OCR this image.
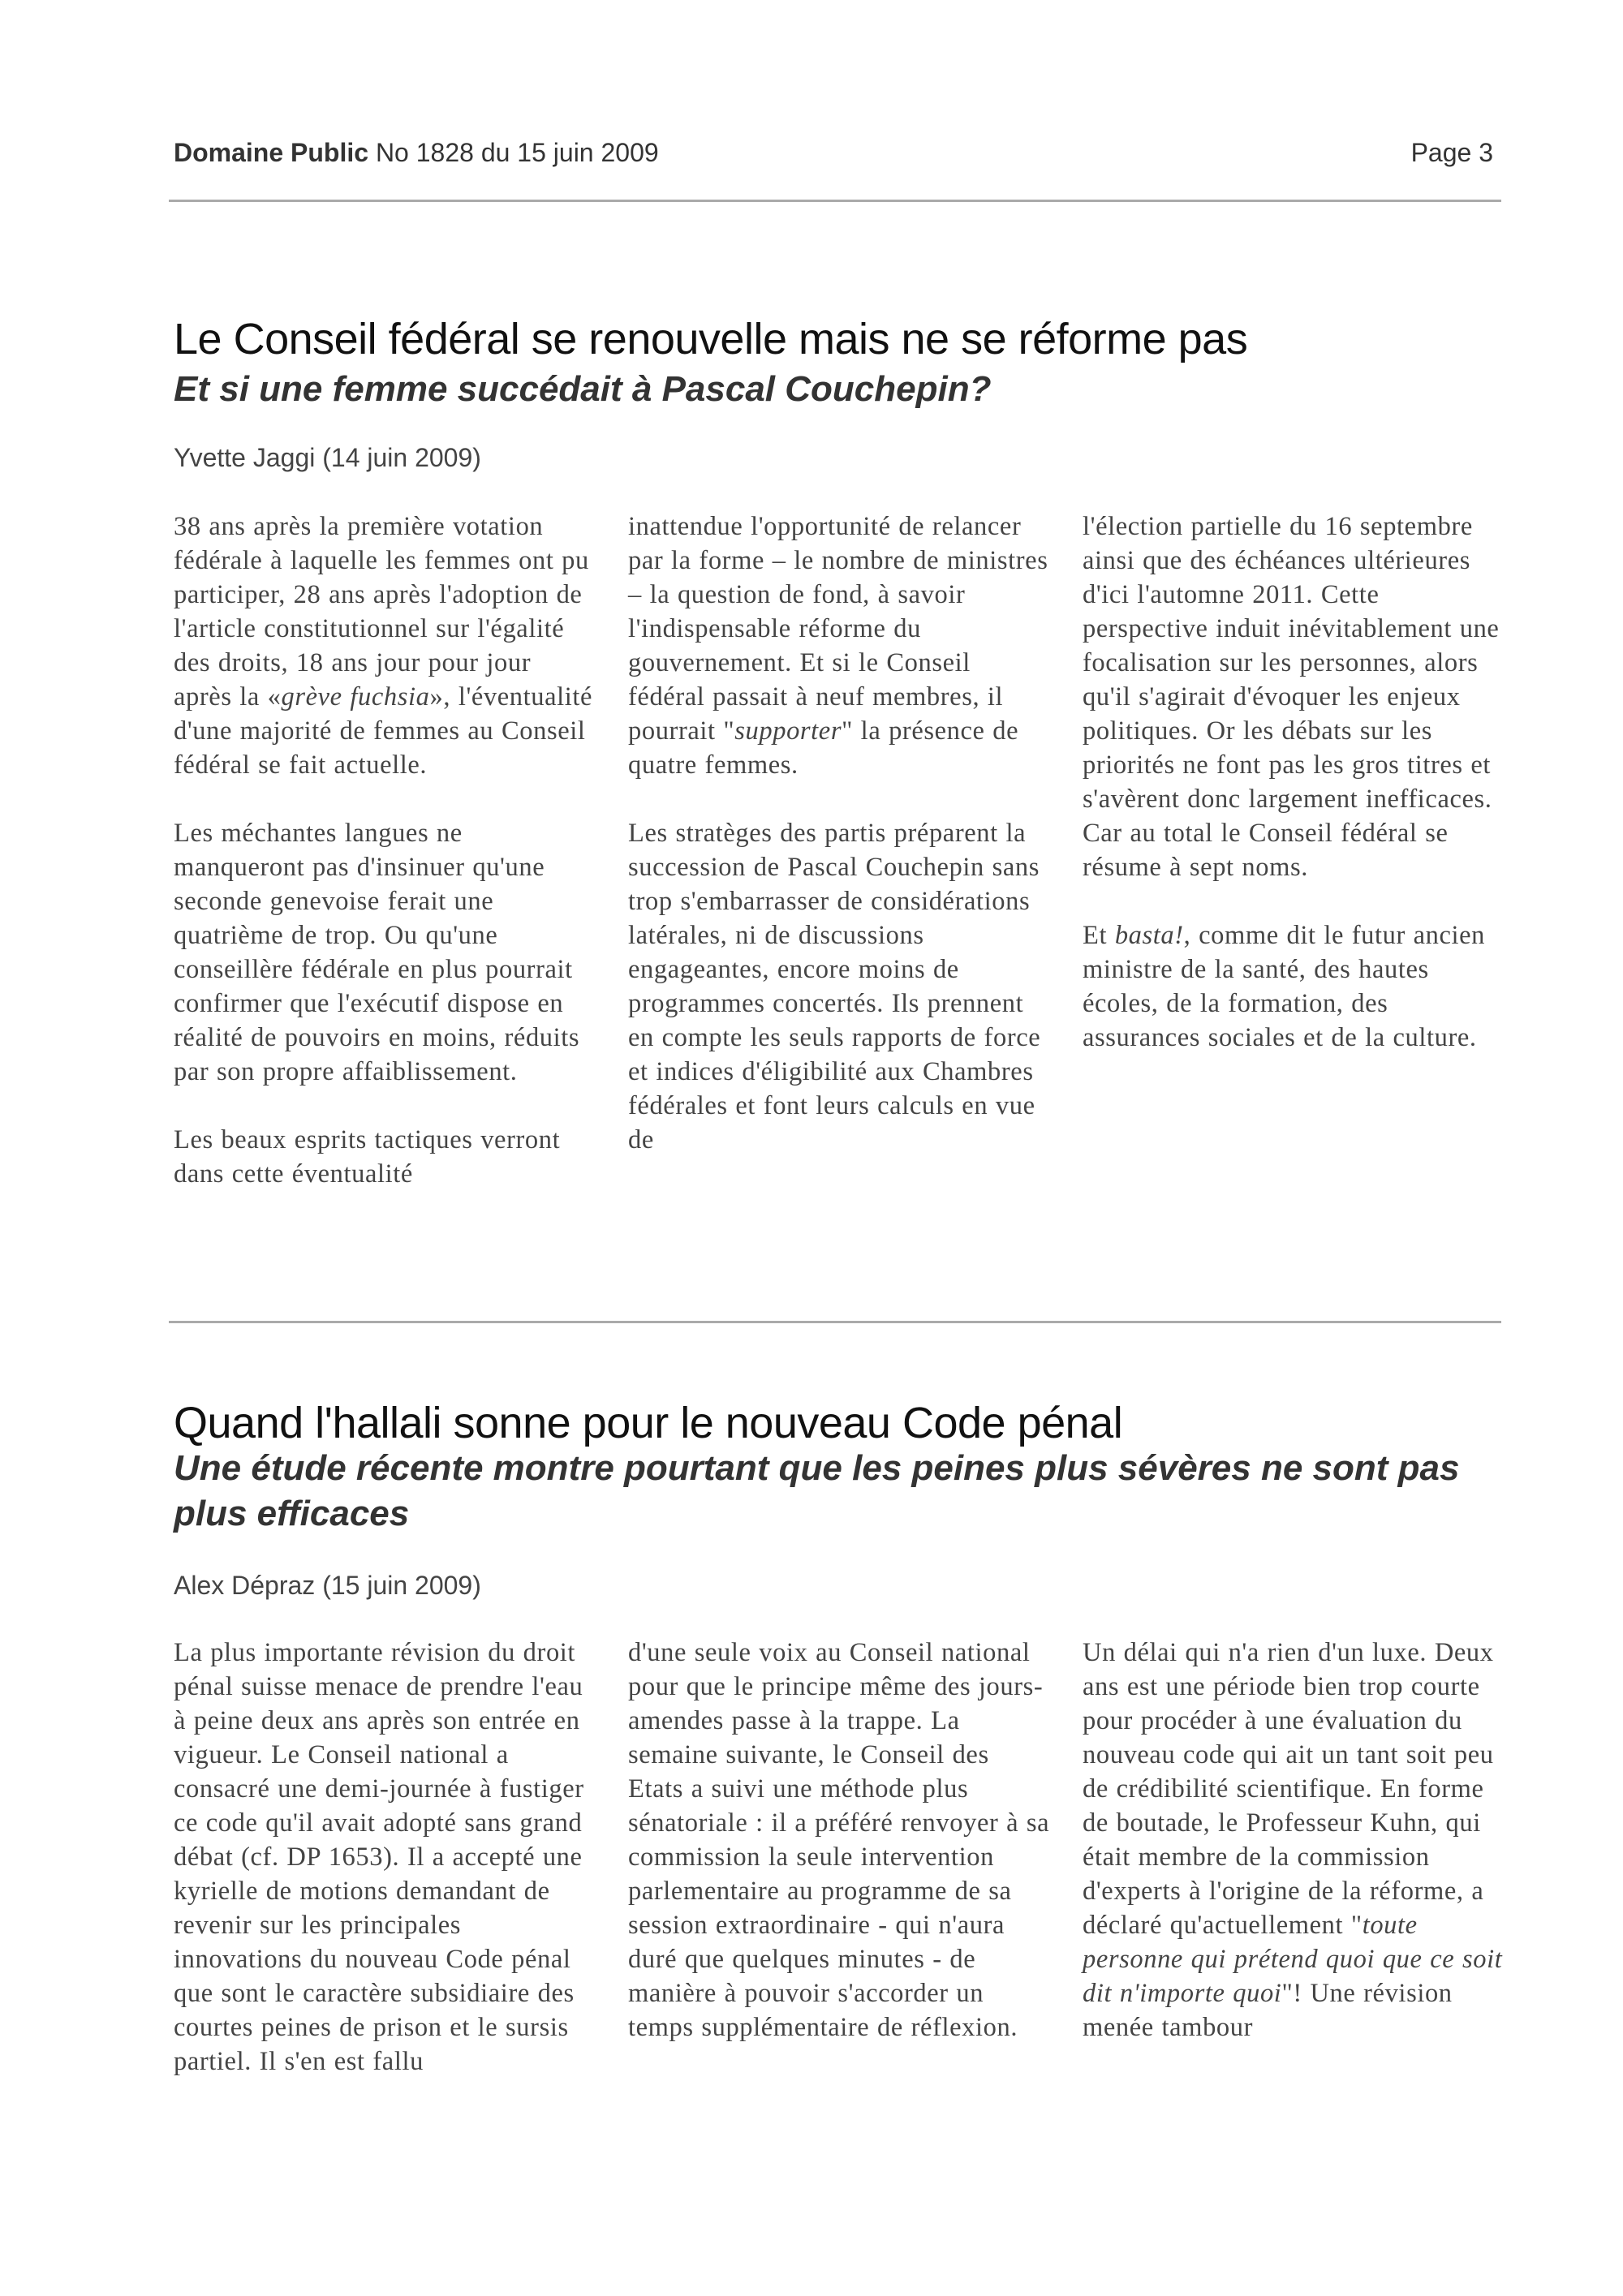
Domaine Public No 1828 du 15 juin 2009	Page 3
Le Conseil fédéral se renouvelle mais ne se réforme pas
Et si une femme succédait à Pascal Couchepin?
Yvette Jaggi (14 juin 2009)

38 ans après la première votation fédérale à laquelle les femmes ont pu participer, 28 ans après l'adoption de l'article constitutionnel sur l'égalité des droits, 18 ans jour pour jour après la «grève fuchsia», l'éventualité d'une majorité de femmes au Conseil fédéral se fait actuelle.

Les méchantes langues ne manqueront pas d'insinuer qu'une seconde genevoise ferait une quatrième de trop. Ou qu'une conseillère fédérale en plus pourrait confirmer que l'exécutif dispose en réalité de pouvoirs en moins, réduits par son propre affaiblissement.

Les beaux esprits tactiques verront dans cette éventualité

inattendue l'opportunité de relancer par la forme – le nombre de ministres – la question de fond, à savoir l'indispensable réforme du gouvernement. Et si le Conseil fédéral passait à neuf membres, il pourrait "supporter" la présence de quatre femmes.

Les stratèges des partis préparent la succession de Pascal Couchepin sans trop s'embarrasser de considérations latérales, ni de discussions engageantes, encore moins de programmes concertés. Ils prennent en compte les seuls rapports de force et indices d'éligibilité aux Chambres fédérales et font leurs calculs en vue de

l'élection partielle du 16 septembre ainsi que des échéances ultérieures d'ici l'automne 2011. Cette perspective induit inévitablement une focalisation sur les personnes, alors qu'il s'agirait d'évoquer les enjeux politiques. Or les débats sur les priorités ne font pas les gros titres et s'avèrent donc largement inefficaces. Car au total le Conseil fédéral se résume à sept noms.

Et basta!, comme dit le futur ancien ministre de la santé, des hautes écoles, de la formation, des assurances sociales et de la culture.

Quand l'hallali sonne pour le nouveau Code pénal
Une étude récente montre pourtant que les peines plus sévères ne sont pas plus efficaces
Alex Dépraz (15 juin 2009)

La plus importante révision du droit pénal suisse menace de prendre l'eau à peine deux ans après son entrée en vigueur. Le Conseil national a consacré une demi-journée à fustiger ce code qu'il avait adopté sans grand débat (cf. DP 1653). Il a accepté une kyrielle de motions demandant de revenir sur les principales innovations du nouveau Code pénal que sont le caractère subsidiaire des courtes peines de prison et le sursis partiel. Il s'en est fallu

d'une seule voix au Conseil national pour que le principe même des jours-amendes passe à la trappe. La semaine suivante, le Conseil des Etats a suivi une méthode plus sénatoriale : il a préféré renvoyer à sa commission la seule intervention parlementaire au programme de sa session extraordinaire - qui n'aura duré que quelques minutes - de manière à pouvoir s'accorder un temps supplémentaire de réflexion.

Un délai qui n'a rien d'un luxe. Deux ans est une période bien trop courte pour procéder à une évaluation du nouveau code qui ait un tant soit peu de crédibilité scientifique. En forme de boutade, le Professeur Kuhn, qui était membre de la commission d'experts à l'origine de la réforme, a déclaré qu'actuellement "toute personne qui prétend quoi que ce soit dit n'importe quoi"! Une révision menée tambour
